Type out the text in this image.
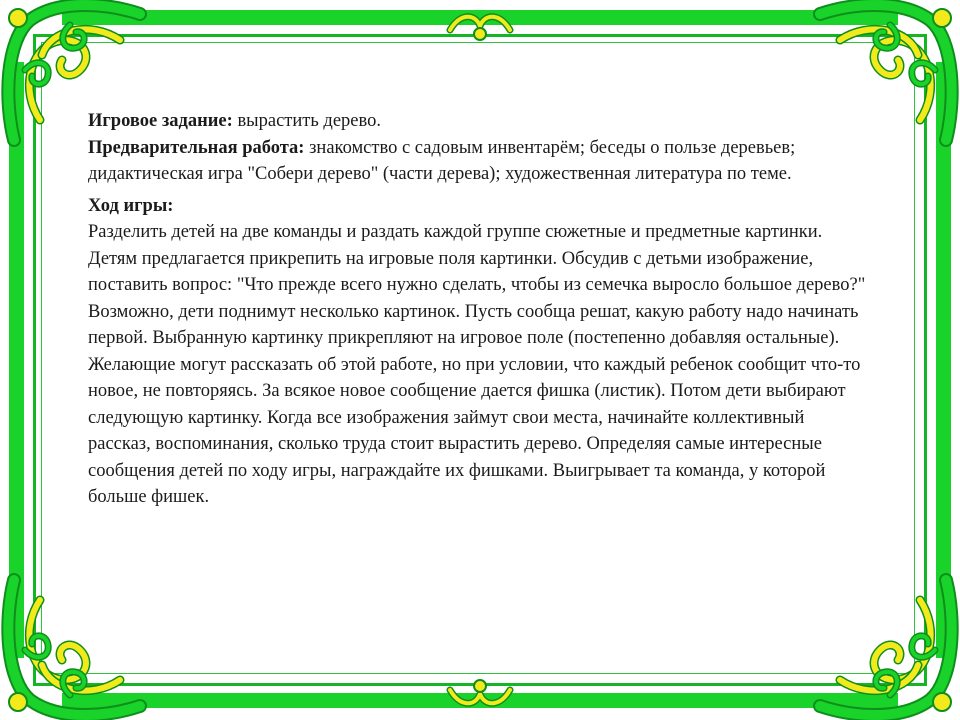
Игровое задание: вырастить дерево.

Предварительная работа: знакомство с садовым инвентарём; беседы о пользе деревьев; дидактическая игра "Собери дерево" (части дерева); художественная литература по теме.

Ход игры:

Разделить детей на две команды и раздать каждой группе сюжетные и предметные картинки. Детям предлагается прикрепить на игровые поля картинки. Обсудив с детьми изображение, поставить вопрос: "Что прежде всего нужно сделать, чтобы из семечка выросло большое дерево?" Возможно, дети поднимут несколько картинок. Пусть сообща решат, какую работу надо начинать первой. Выбранную картинку прикрепляют на игровое поле (постепенно добавляя остальные). Желающие могут рассказать об этой работе, но при условии, что каждый ребенок сообщит что-то новое, не повторяясь. За всякое новое сообщение дается фишка (листик). Потом дети выбирают следующую картинку. Когда все изображения займут свои места, начинайте коллективный рассказ, воспоминания, сколько труда стоит вырастить дерево. Определяя самые интересные сообщения детей по ходу игры, награждайте их фишками. Выигрывает та команда, у которой больше фишек.
